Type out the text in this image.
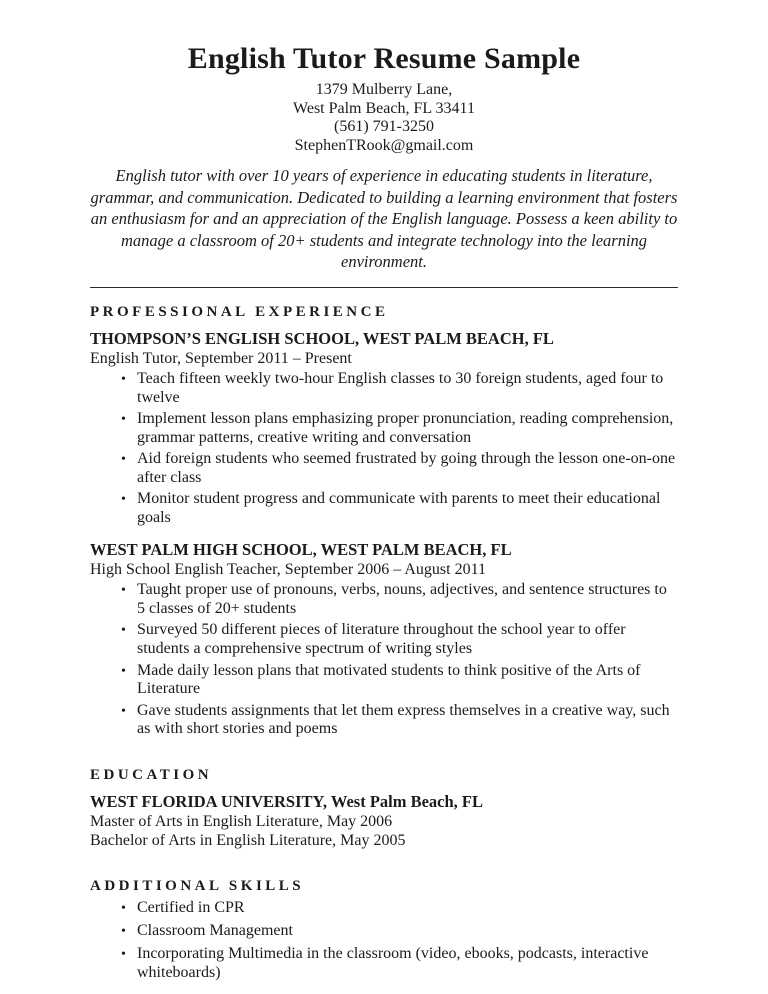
English Tutor Resume Sample
1379 Mulberry Lane,
West Palm Beach, FL 33411
(561) 791-3250
StephenTRook@gmail.com
English tutor with over 10 years of experience in educating students in literature, grammar, and communication. Dedicated to building a learning environment that fosters an enthusiasm for and an appreciation of the English language. Possess a keen ability to manage a classroom of 20+ students and integrate technology into the learning environment.
PROFESSIONAL EXPERIENCE
THOMPSON’S ENGLISH SCHOOL, WEST PALM BEACH, FL
English Tutor, September 2011 – Present
• Teach fifteen weekly two-hour English classes to 30 foreign students, aged four to twelve
• Implement lesson plans emphasizing proper pronunciation, reading comprehension, grammar patterns, creative writing and conversation
• Aid foreign students who seemed frustrated by going through the lesson one-on-one after class
• Monitor student progress and communicate with parents to meet their educational goals
WEST PALM HIGH SCHOOL, WEST PALM BEACH, FL
High School English Teacher, September 2006 – August 2011
• Taught proper use of pronouns, verbs, nouns, adjectives, and sentence structures to 5 classes of 20+ students
• Surveyed 50 different pieces of literature throughout the school year to offer students a comprehensive spectrum of writing styles
• Made daily lesson plans that motivated students to think positive of the Arts of Literature
• Gave students assignments that let them express themselves in a creative way, such as with short stories and poems
EDUCATION
WEST FLORIDA UNIVERSITY, West Palm Beach, FL
Master of Arts in English Literature, May 2006
Bachelor of Arts in English Literature, May 2005
ADDITIONAL SKILLS
• Certified in CPR
• Classroom Management
• Incorporating Multimedia in the classroom (video, ebooks, podcasts, interactive whiteboards)
